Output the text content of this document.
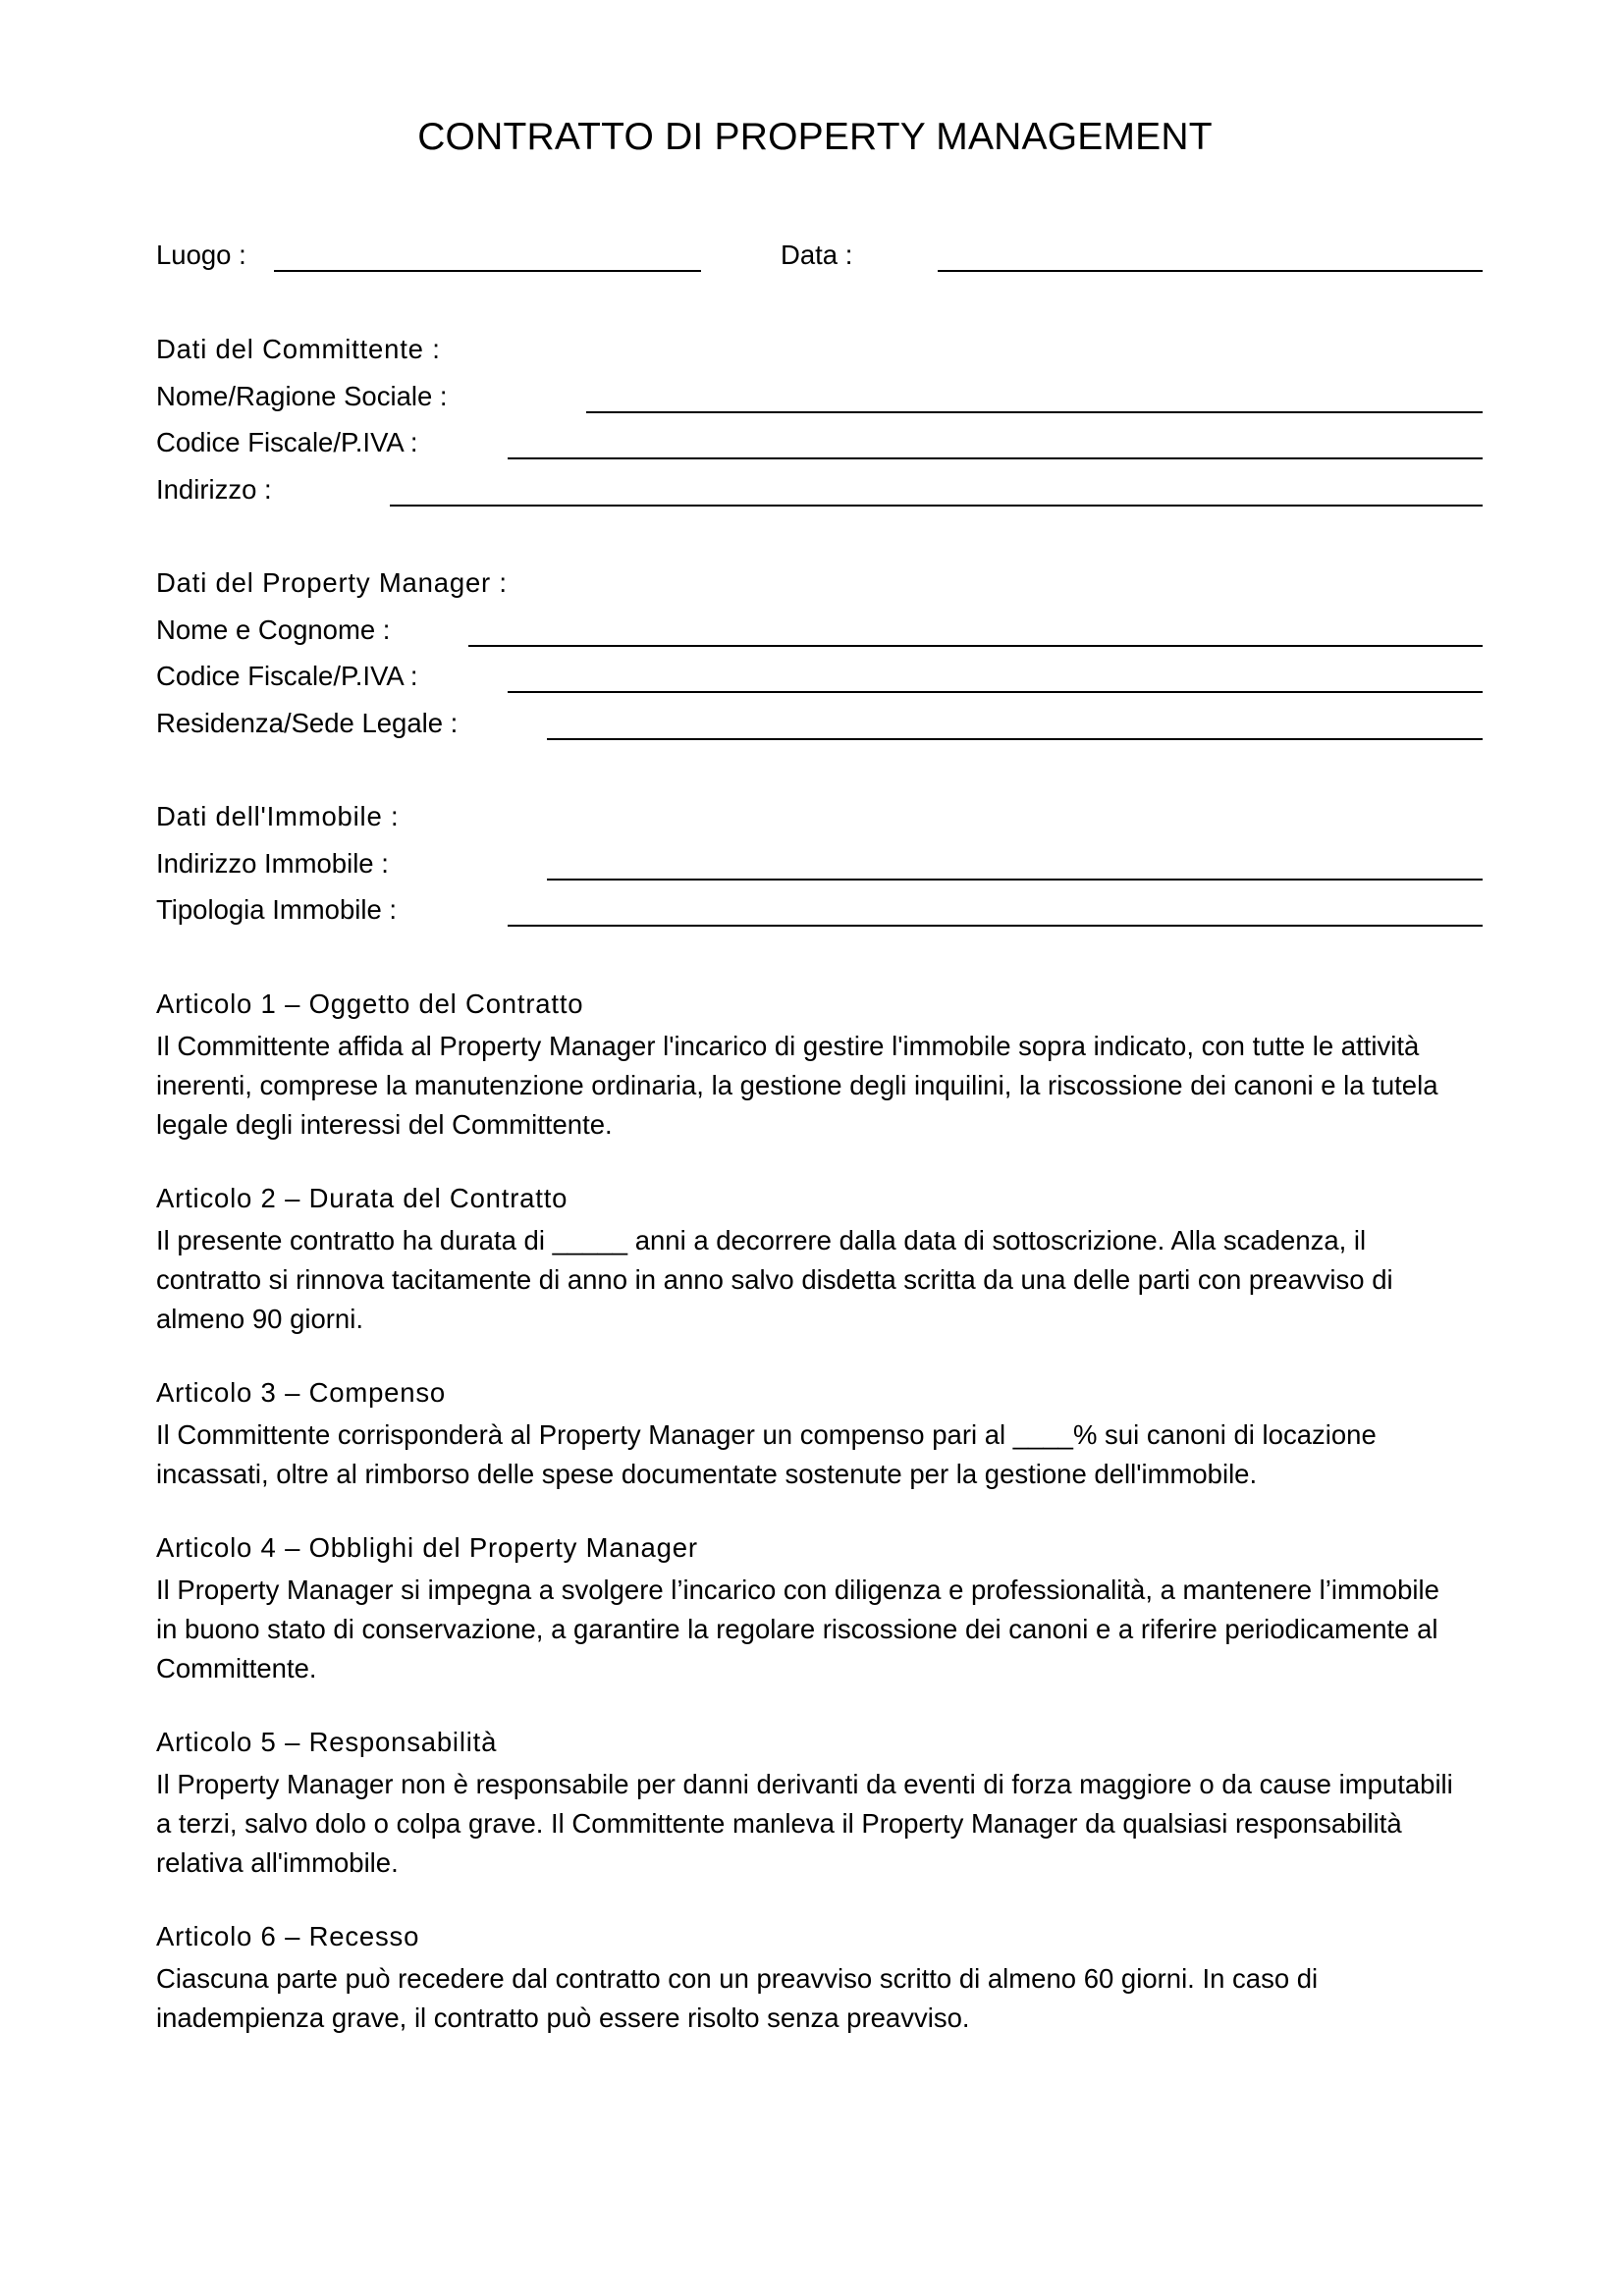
CONTRATTO DI PROPERTY MANAGEMENT
Luogo :	Data :
Dati del Committente :
Nome/Ragione Sociale :
Codice Fiscale/P.IVA :
Indirizzo :
Dati del Property Manager :
Nome e Cognome :
Codice Fiscale/P.IVA :
Residenza/Sede Legale :
Dati dell'Immobile :
Indirizzo Immobile :
Tipologia Immobile :
Articolo 1 – Oggetto del Contratto
Il Committente affida al Property Manager l'incarico di gestire l'immobile sopra indicato, con tutte le attività
inerenti, comprese la manutenzione ordinaria, la gestione degli inquilini, la riscossione dei canoni e la tutela
legale degli interessi del Committente.
Articolo 2 – Durata del Contratto
Il presente contratto ha durata di _____ anni a decorrere dalla data di sottoscrizione. Alla scadenza, il
contratto si rinnova tacitamente di anno in anno salvo disdetta scritta da una delle parti con preavviso di
almeno 90 giorni.
Articolo 3 – Compenso
Il Committente corrisponderà al Property Manager un compenso pari al ____% sui canoni di locazione
incassati, oltre al rimborso delle spese documentate sostenute per la gestione dell'immobile.
Articolo 4 – Obblighi del Property Manager
Il Property Manager si impegna a svolgere l’incarico con diligenza e professionalità, a mantenere l’immobile
in buono stato di conservazione, a garantire la regolare riscossione dei canoni e a riferire periodicamente al
Committente.
Articolo 5 – Responsabilità
Il Property Manager non è responsabile per danni derivanti da eventi di forza maggiore o da cause imputabili
a terzi, salvo dolo o colpa grave. Il Committente manleva il Property Manager da qualsiasi responsabilità
relativa all'immobile.
Articolo 6 – Recesso
Ciascuna parte può recedere dal contratto con un preavviso scritto di almeno 60 giorni. In caso di
inadempienza grave, il contratto può essere risolto senza preavviso.
